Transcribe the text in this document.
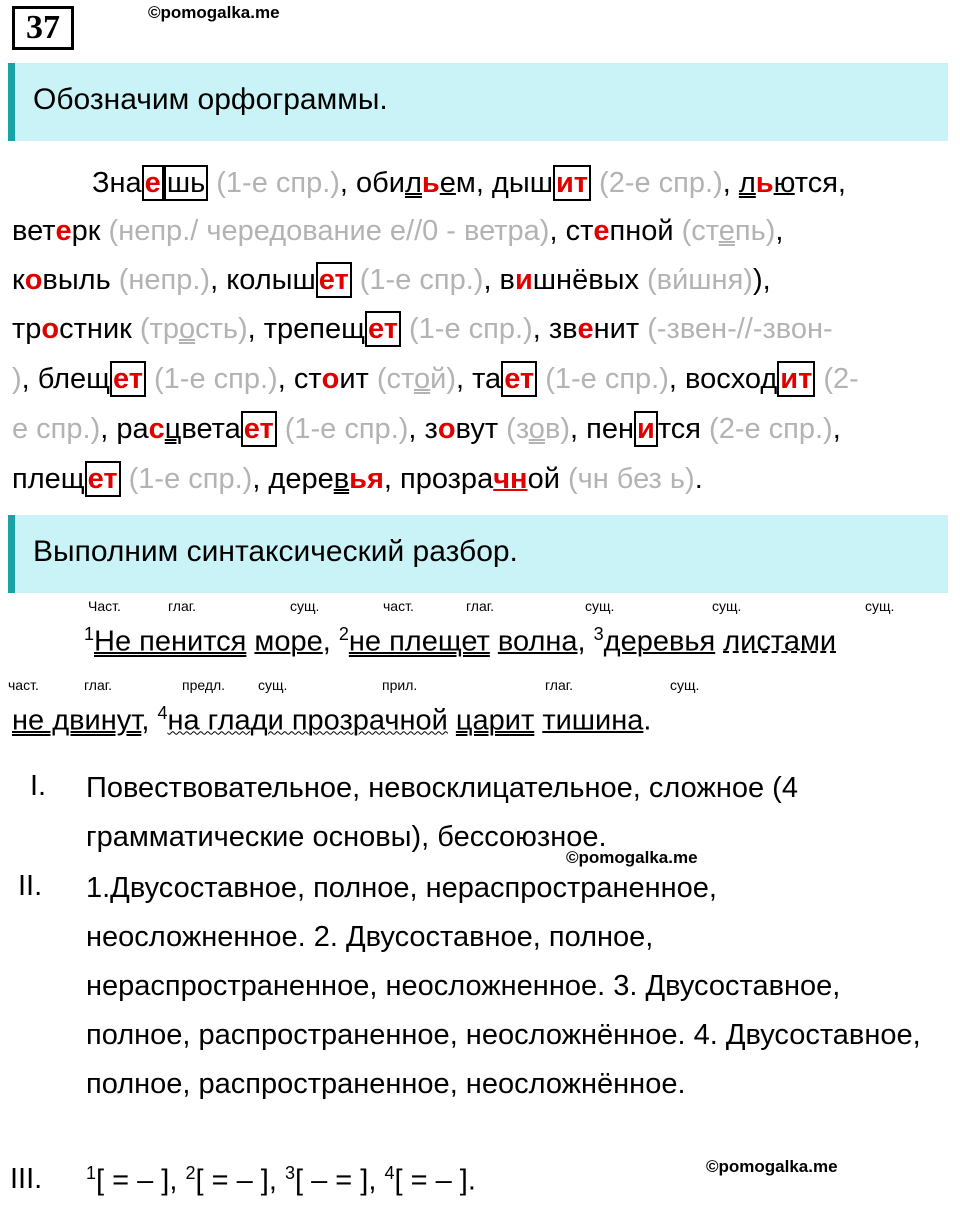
37	©pomogalka.me
Обозначим орфограммы.
Зна е шь (1-е спр.), обильем, дыш ит (2-е спр.), льются,
ветерк (непр./ чередование е//0 - ветра), степной (степь),
ковыль (непр.), колыш ет (1-е спр.), вишнёвых (ви́шня)),
тростник (трость), трепещ ет (1-е спр.), звенит (-звен-//-звон-
), блещ ет (1-е спр.), стоит (стой), та ет (1-е спр.), восход ит (2-
е спр.), расцвета ет (1-е спр.), зовут (зов), пен и тся (2-е спр.),
плещ ет (1-е спр.), деревья, прозрачной (чн без ь).
Выполним синтаксический разбор.
Част.	глаг.	сущ.	част.	глаг.	сущ.	сущ.	сущ.
$^1$Не пенится море, $^2$не плещет волна, $^3$деревья листами
част.	глаг.	предл. сущ.	прил.	глаг.	сущ.
не двинут, $^4$на глади прозрачной царит тишина.
I. Повествовательное, невосклицательное, сложное (4 грамматические основы), бессоюзное.
©pomogalka.me
II. 1.Двусоставное, полное, нераспространенное, неосложненное. 2. Двусоставное, полное, нераспространенное, неосложненное. 3. Двусоставное, полное, распространенное, неосложнённое. 4. Двусоставное, полное, распространенное, неосложнённое.
©pomogalka.me
III. $^1$[ = – ], $^2$[ = – ], $^3$[ – = ], $^4$[ = – ].
